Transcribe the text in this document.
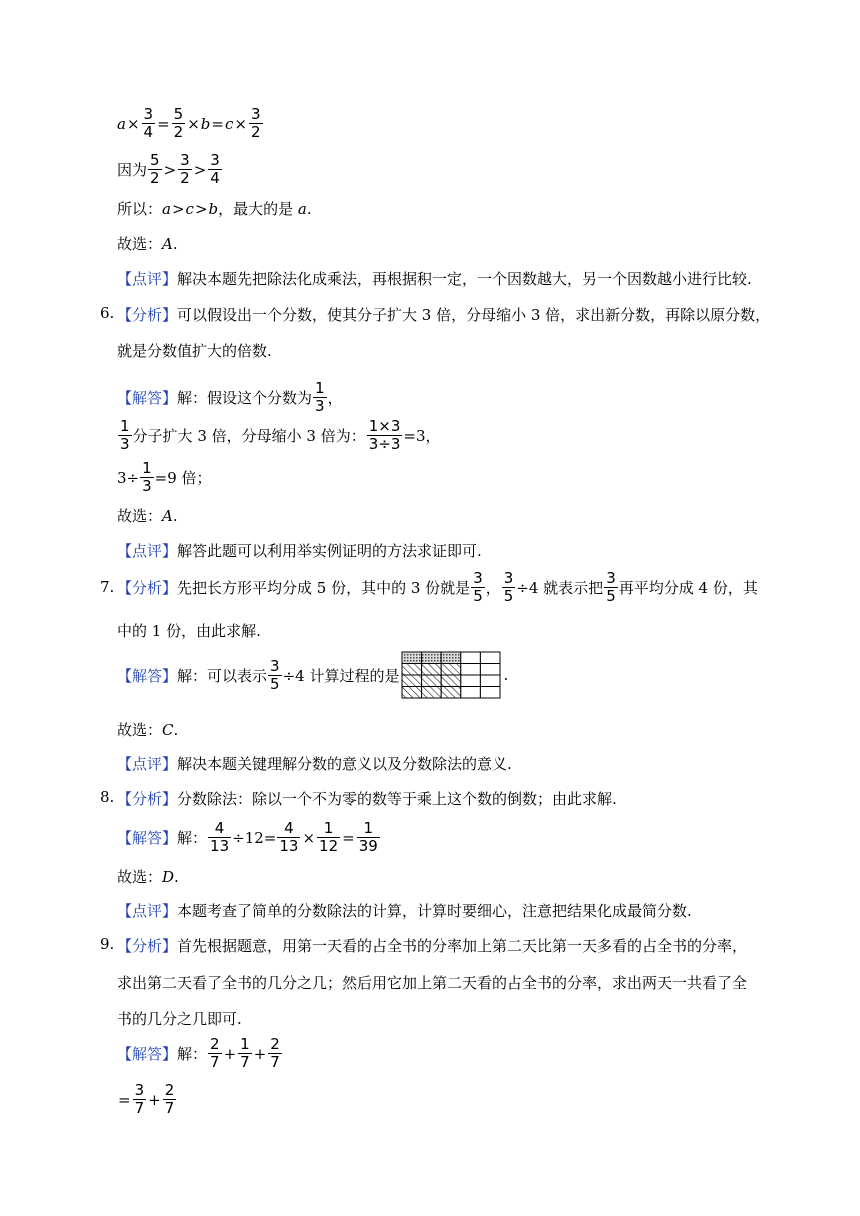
$a \times \frac{3}{4} = \frac{5}{2} \times b = c \times \frac{3}{2}$
因为 $\frac{5}{2} > \frac{3}{2} > \frac{3}{4}$
所以： a > c > b ，最大的是 a .
故选： A .
【点评】 解决本题先把除法化成乘法，再根据积一定，一个因数越大，另一个因数越小进行比较.
6. 【分析】 可以假设出一个分数，使其分子扩大 3 倍，分母缩小 3 倍，求出新分数，再除以原分数，
就是分数值扩大的倍数.
【解答】 解：假设这个分数为 $\frac{1}{3}$ ，
$\frac{1}{3}$ 分子扩大 3 倍，分母缩小 3 倍为： $\frac{1\times 3}{3\div 3} =3$，
$3\div \frac{1}{3} =9$ 倍；
故选： A .
【点评】 解答此题可以利用举实例证明的方法求证即可.
7. 【分析】 先把长方形平均分成 5 份，其中的 3 份就是 $\frac{3}{5}$ ， $\frac{3}{5} \div 4$ 就表示把 $\frac{3}{5}$ 再平均分成 4 份，其
中的 1 份，由此求解.
【解答】 解：可以表示 $\frac{3}{5} \div 4$ 计算过程的是	.
故选： C .
【点评】 解决本题关键理解分数的意义以及分数除法的意义.
8. 【分析】 分数除法：除以一个不为零的数等于乘上这个数的倒数；由此求解.
【解答】 解： $\frac{4}{13} \div 12= \frac{4}{13} \times \frac{1}{12} = \frac{1}{39}$
故选： D .
【点评】 本题考查了简单的分数除法的计算，计算时要细心，注意把结果化成最简分数.
9. 【分析】 首先根据题意，用第一天看的占全书的分率加上第二天比第一天多看的占全书的分率，
求出第二天看了全书的几分之几；然后用它加上第二天看的占全书的分率，求出两天一共看了全
书的几分之几即可.
【解答】 解： $\frac{2}{7} + \frac{1}{7} + \frac{2}{7}$
= $\frac{3}{7} + \frac{2}{7}$
